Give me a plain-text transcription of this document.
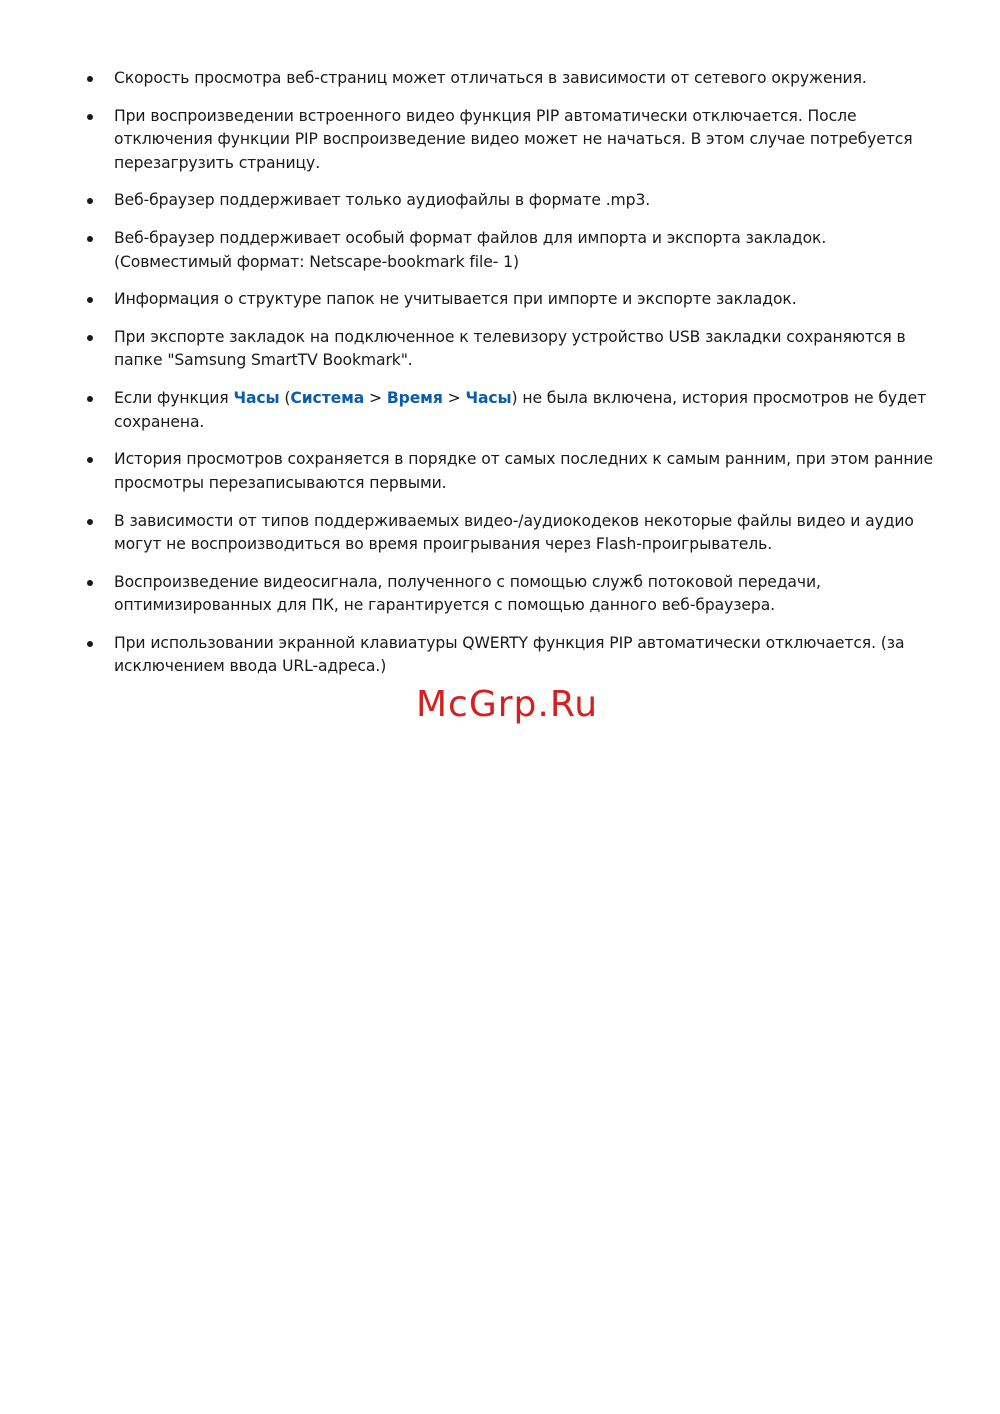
Скорость просмотра веб-страниц может отличаться в зависимости от сетевого окружения.
При воспроизведении встроенного видео функция PIP автоматически отключается. После отключения функции PIP воспроизведение видео может не начаться. В этом случае потребуется перезагрузить страницу.
Веб-браузер поддерживает только аудиофайлы в формате .mp3.
Веб-браузер поддерживает особый формат файлов для импорта и экспорта закладок. (Совместимый формат: Netscape-bookmark file- 1)
Информация о структуре папок не учитывается при импорте и экспорте закладок.
При экспорте закладок на подключенное к телевизору устройство USB закладки сохраняются в папке "Samsung SmartTV Bookmark".
Если функция Часы (Система > Время > Часы) не была включена, история просмотров не будет сохранена.
История просмотров сохраняется в порядке от самых последних к самым ранним, при этом ранние просмотры перезаписываются первыми.
В зависимости от типов поддерживаемых видео-/аудиокодеков некоторые файлы видео и аудио могут не воспроизводиться во время проигрывания через Flash-проигрыватель.
Воспроизведение видеосигнала, полученного с помощью служб потоковой передачи, оптимизированных для ПК, не гарантируется с помощью данного веб-браузера.
При использовании экранной клавиатуры QWERTY функция PIP автоматически отключается. (за исключением ввода URL-адреса.)
McGrp.Ru
